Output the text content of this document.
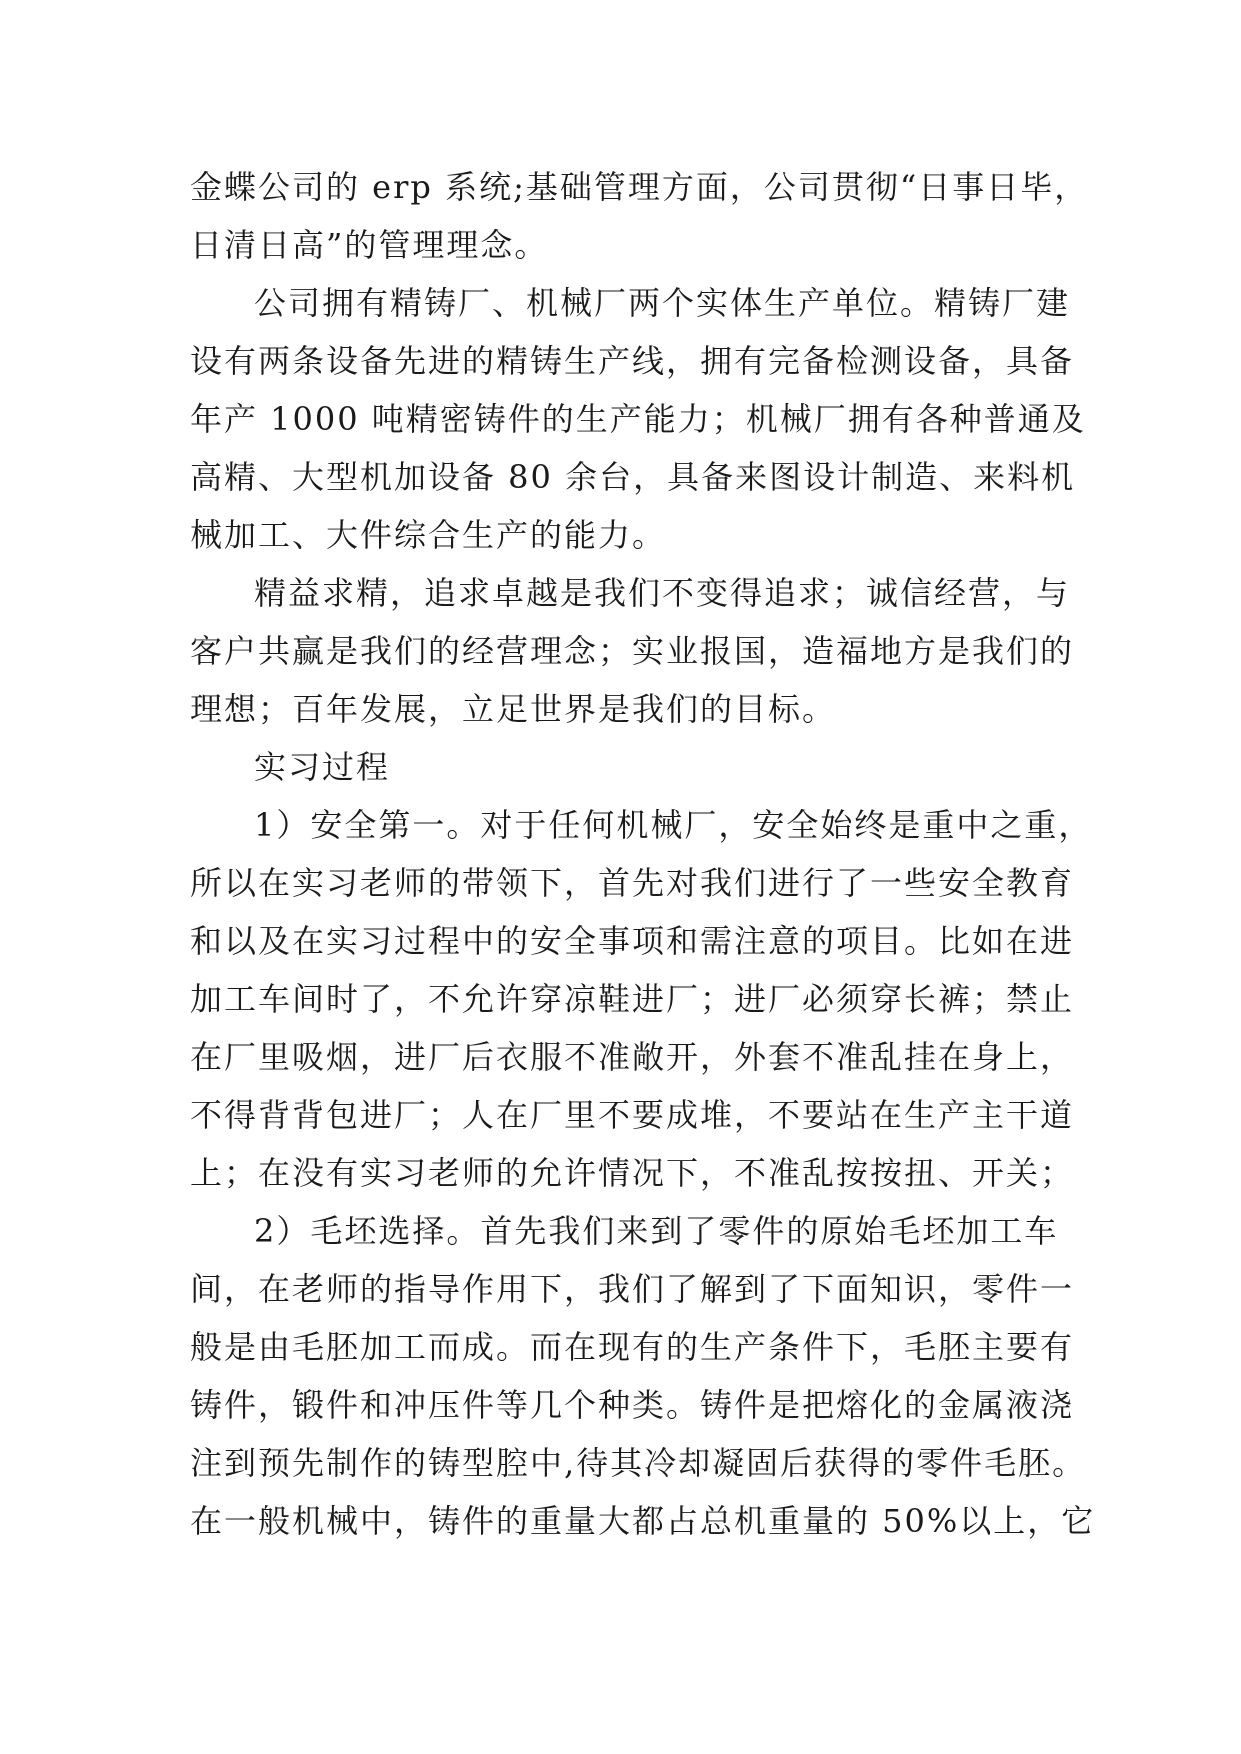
金蝶公司的 erp 系统;基础管理方面，公司贯彻“日事日毕，
日清日高”的管理理念。
公司拥有精铸厂、机械厂两个实体生产单位。精铸厂建
设有两条设备先进的精铸生产线，拥有完备检测设备，具备
年产 1000 吨精密铸件的生产能力；机械厂拥有各种普通及
高精、大型机加设备 80 余台，具备来图设计制造、来料机
械加工、大件综合生产的能力。
精益求精，追求卓越是我们不变得追求；诚信经营，与
客户共赢是我们的经营理念；实业报国，造福地方是我们的
理想；百年发展，立足世界是我们的目标。
实习过程
1）安全第一。对于任何机械厂，安全始终是重中之重，
所以在实习老师的带领下，首先对我们进行了一些安全教育
和以及在实习过程中的安全事项和需注意的项目。比如在进
加工车间时了，不允许穿凉鞋进厂；进厂必须穿长裤；禁止
在厂里吸烟，进厂后衣服不准敞开，外套不准乱挂在身上，
不得背背包进厂；人在厂里不要成堆，不要站在生产主干道
上；在没有实习老师的允许情况下，不准乱按按扭、开关；
2）毛坯选择。首先我们来到了零件的原始毛坯加工车
间，在老师的指导作用下，我们了解到了下面知识，零件一
般是由毛胚加工而成。而在现有的生产条件下，毛胚主要有
铸件，锻件和冲压件等几个种类。铸件是把熔化的金属液浇
注到预先制作的铸型腔中,待其冷却凝固后获得的零件毛胚。
在一般机械中，铸件的重量大都占总机重量的 50%以上，它
